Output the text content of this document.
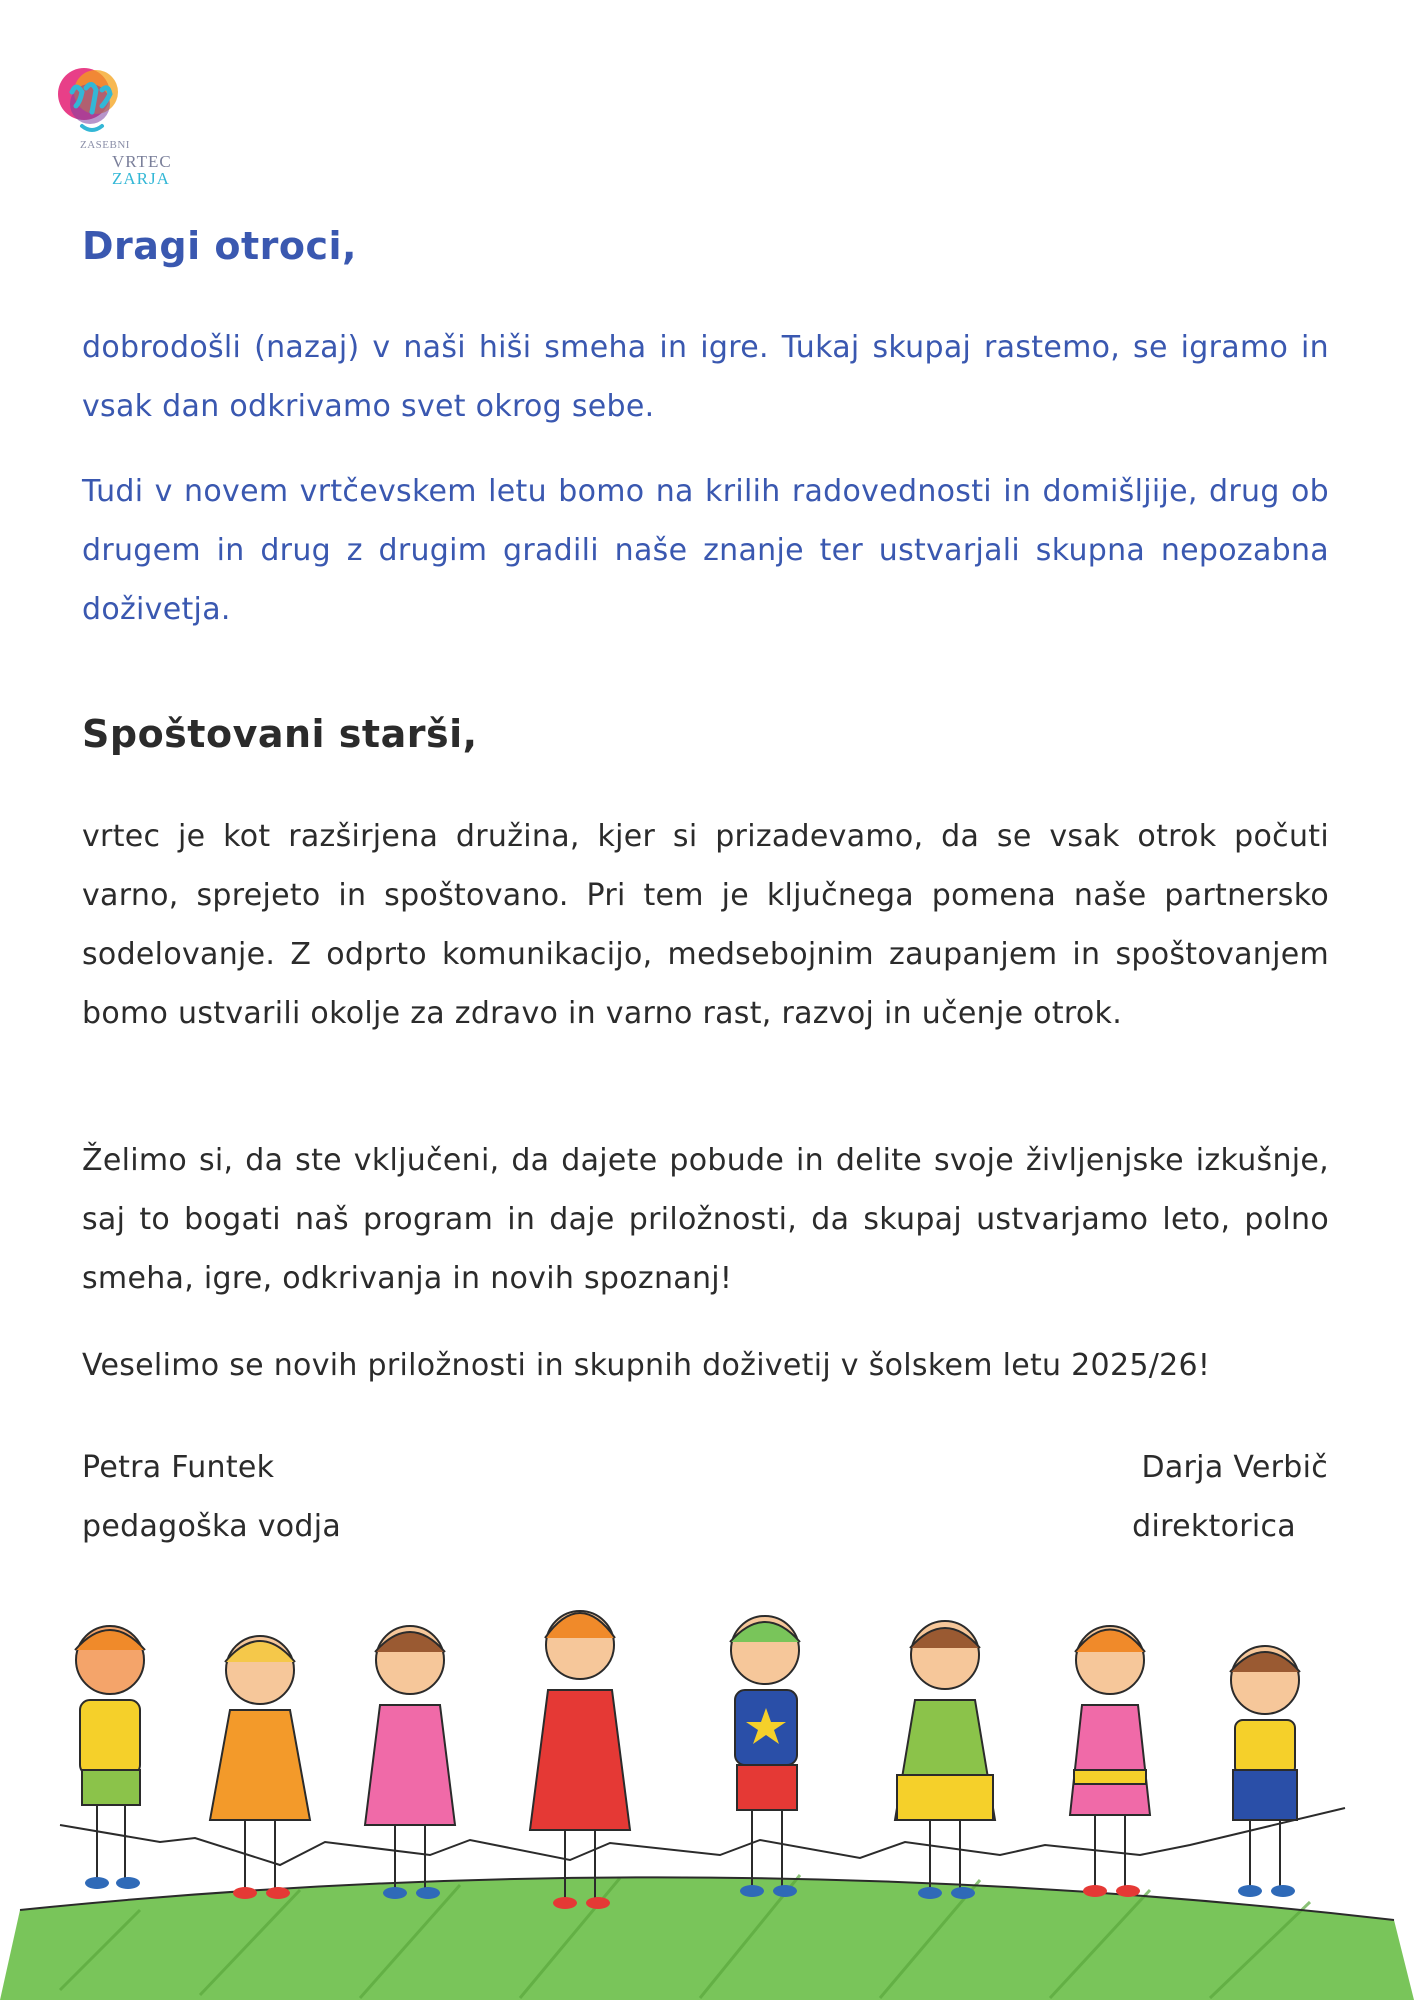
ZASEBNI
VRTEC
ZARJA
Dragi otroci,
dobrodošli (nazaj) v naši hiši smeha in igre. Tukaj skupaj rastemo, se igramo in vsak dan odkrivamo svet okrog sebe.
Tudi v novem vrtčevskem letu bomo na krilih radovednosti in domišljije, drug ob drugem in drug z drugim gradili naše znanje ter ustvarjali skupna nepozabna doživetja.
Spoštovani starši,
vrtec je kot razširjena družina, kjer si prizadevamo, da se vsak otrok počuti varno, sprejeto in spoštovano. Pri tem je ključnega pomena naše partnersko sodelovanje. Z odprto komunikacijo, medsebojnim zaupanjem in spoštovanjem bomo ustvarili okolje za zdravo in varno rast, razvoj in učenje otrok.
Želimo si, da ste vključeni, da dajete pobude in delite svoje življenjske izkušnje, saj to bogati naš program in daje priložnosti, da skupaj ustvarjamo leto, polno smeha, igre, odkrivanja in novih spoznanj!
Veselimo se novih priložnosti in skupnih doživetij v šolskem letu 2025/26!
Petra Funtek
pedagoška vodja
Darja Verbič
direktorica
